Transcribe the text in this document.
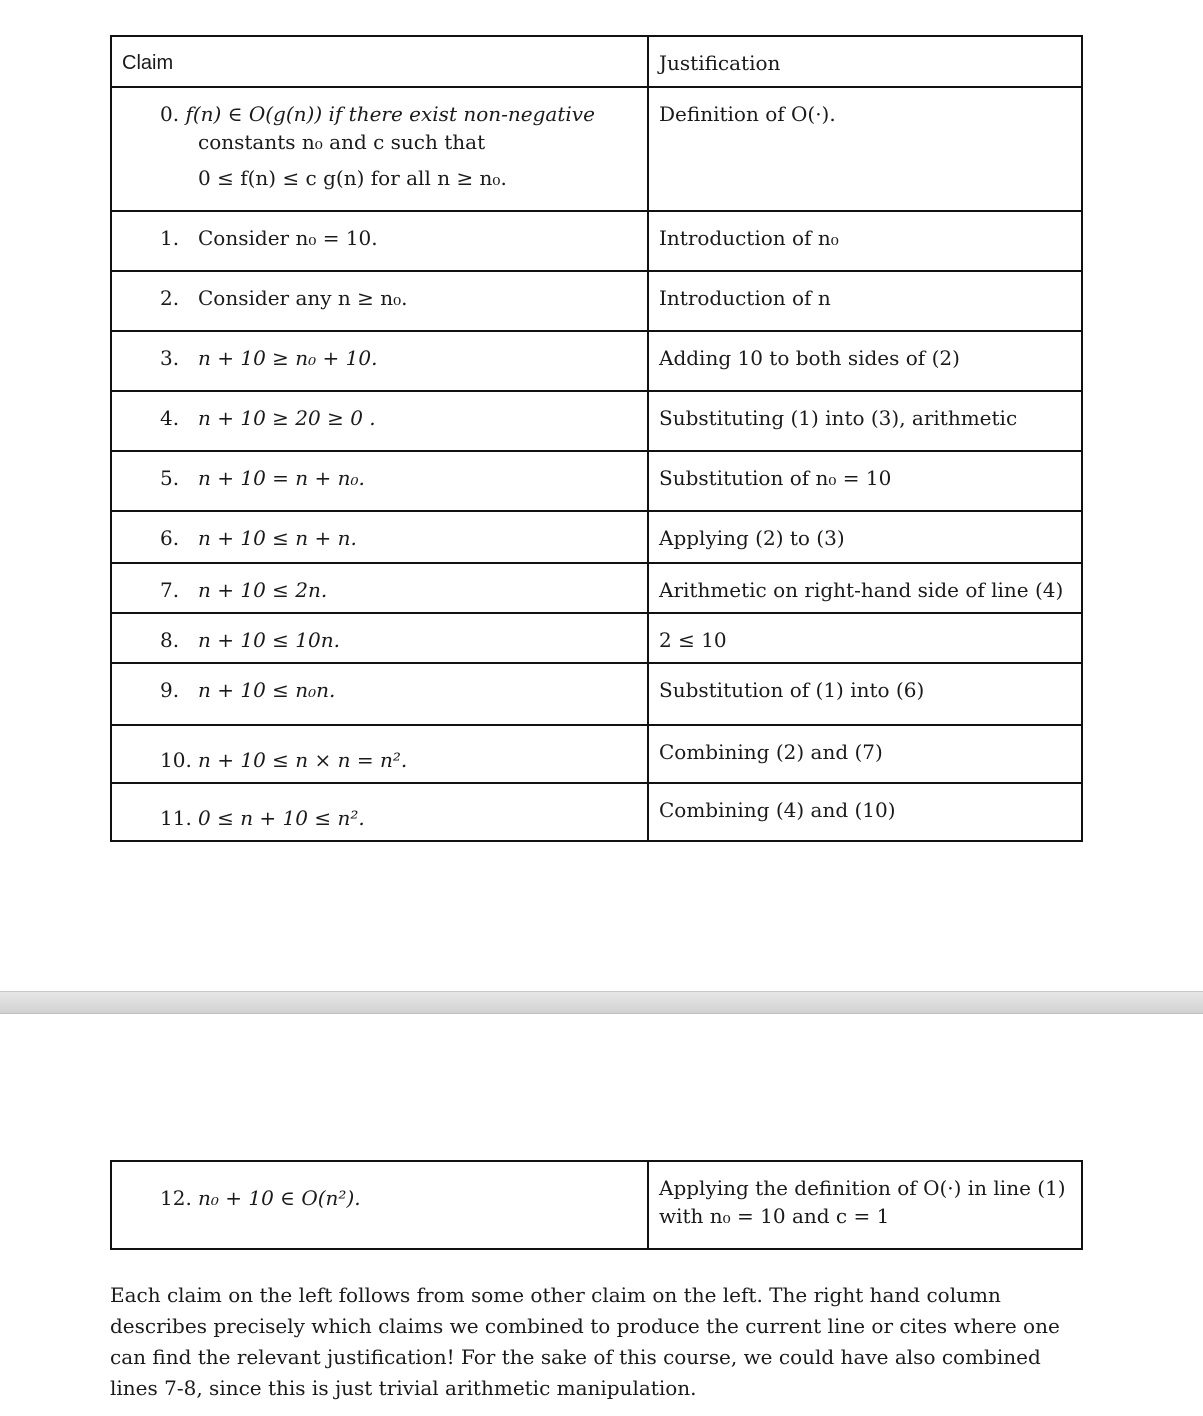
Claim	Justification

0. f(n) ∈ O(g(n)) if there exist non-negative
constants n₀ and c such that
0 ≤ f(n) ≤ c g(n) for all n ≥ n₀.	Definition of O(·).

1. Consider n₀ = 10.	Introduction of n₀

2. Consider any n ≥ n₀.	Introduction of n

3. n + 10 ≥ n₀ + 10.	Adding 10 to both sides of (2)

4. n + 10 ≥ 20 ≥ 0 .	Substituting (1) into (3), arithmetic

5. n + 10 = n + n₀.	Substitution of n₀ = 10

6. n + 10 ≤ n + n.	Applying (2) to (3)

7. n + 10 ≤ 2n.	Arithmetic on right-hand side of line (4)

8. n + 10 ≤ 10n.	2 ≤ 10

9. n + 10 ≤ n₀n.	Substitution of (1) into (6)

10. n + 10 ≤ n × n = n².	Combining (2) and (7)

11. 0 ≤ n + 10 ≤ n².	Combining (4) and (10)
12. n₀ + 10 ∈ O(n²).	Applying the definition of O(·) in line (1)
with n₀ = 10 and c = 1
Each claim on the left follows from some other claim on the left. The right hand column describes precisely which claims we combined to produce the current line or cites where one can find the relevant justification! For the sake of this course, we could have also combined lines 7-8, since this is just trivial arithmetic manipulation.
